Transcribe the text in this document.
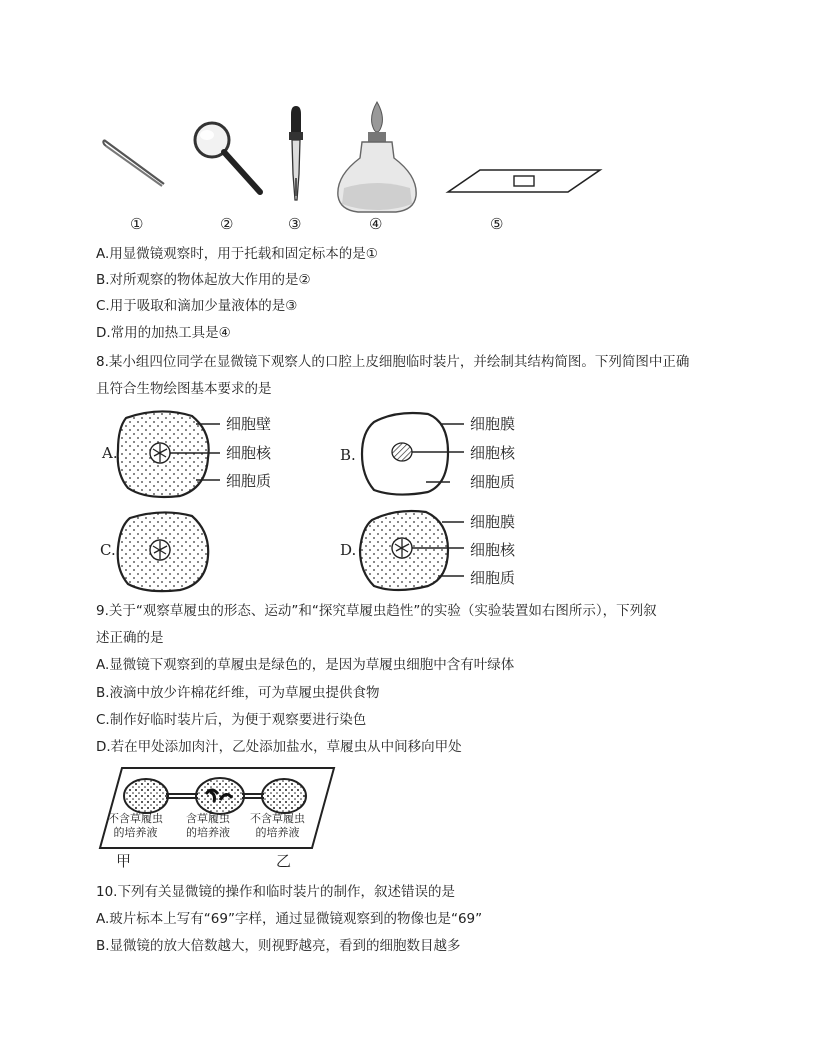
①	②	③	④	⑤
A.用显微镜观察时，用于托载和固定标本的是①
B.对所观察的物体起放大作用的是②
C.用于吸取和滴加少量液体的是③
D.常用的加热工具是④
8.某小组四位同学在显微镜下观察人的口腔上皮细胞临时装片，并绘制其结构简图。下列简图中正确
且符合生物绘图基本要求的是
A.
细胞壁
细胞核
细胞质
B.
细胞膜
细胞核
细胞质
C.	D.
细胞膜
细胞核
细胞质
9.关于“观察草履虫的形态、运动”和“探究草履虫趋性”的实验（实验装置如右图所示），下列叙
述正确的是
A.显微镜下观察到的草履虫是绿色的，是因为草履虫细胞中含有叶绿体
B.液滴中放少许棉花纤维，可为草履虫提供食物
C.制作好临时装片后，为便于观察要进行染色
D.若在甲处添加肉汁，乙处添加盐水，草履虫从中间移向甲处
不含草履虫
的培养液
含草履虫
的培养液
不含草履虫
的培养液
甲	乙
10.下列有关显微镜的操作和临时装片的制作，叙述错误的是
A.玻片标本上写有“69”字样，通过显微镜观察到的物像也是“69”
B.显微镜的放大倍数越大，则视野越亮，看到的细胞数目越多
